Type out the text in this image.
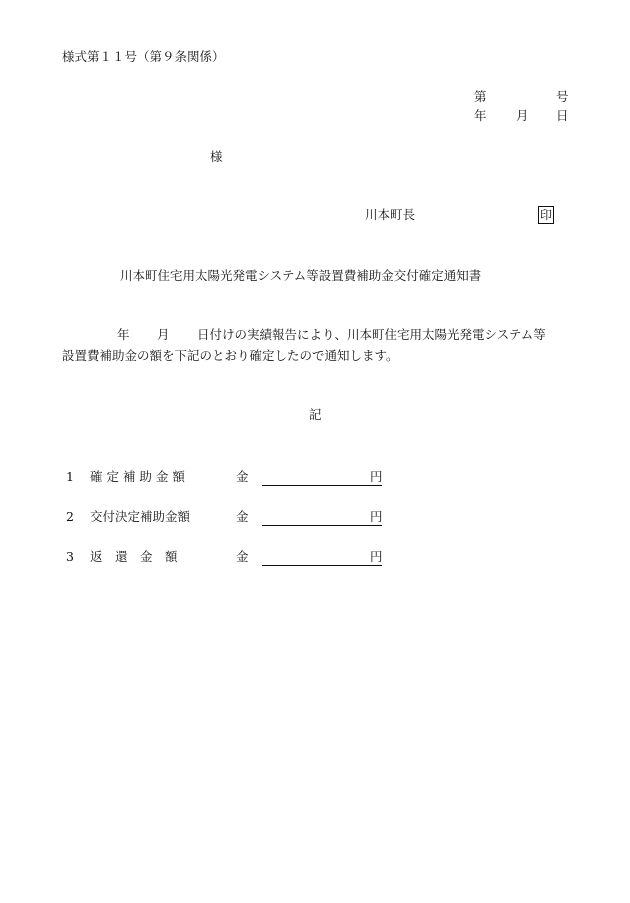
様式第１１号（第９条関係）
第	号
年 月 日
様
川本町長	印
川本町住宅用太陽光発電システム等設置費補助金交付確定通知書
年 月 日付けの実績報告により、川本町住宅用太陽光発電システム等
設置費補助金の額を下記のとおり確定したので通知します。
記
1 確 定 補 助 金 額	金	円
2 交付決定補助金額	金	円
3 返　還　金　額	金	円
